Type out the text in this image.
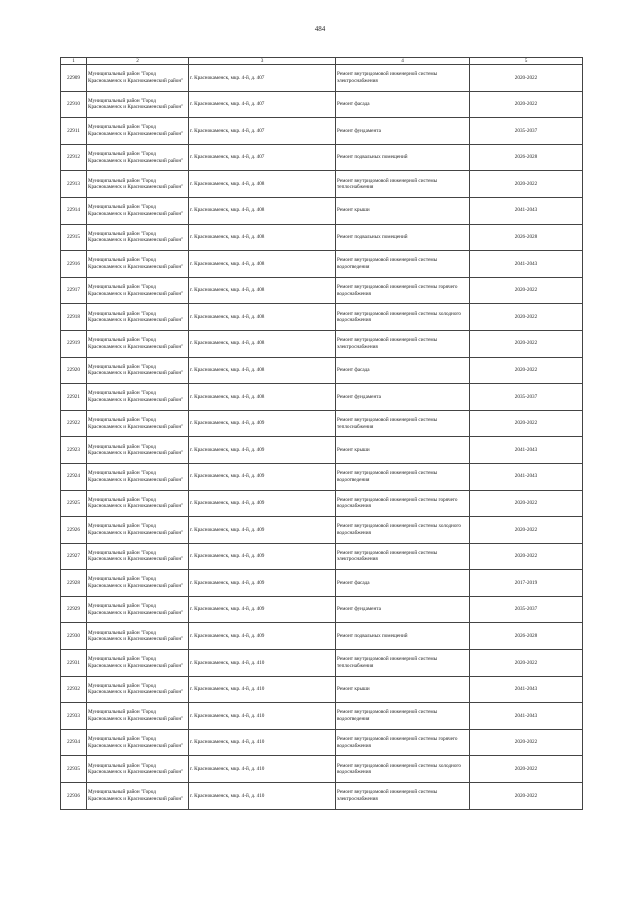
484
1	2	3	4	5
22909	Муниципальный район "Город Краснокаменск и Краснокаменский район"	г. Краснокаменск, мкр. 4-й, д. 407	Ремонт внутридомовой инженерной системы электроснабжения	2020-2022
22910	Муниципальный район "Город Краснокаменск и Краснокаменский район"	г. Краснокаменск, мкр. 4-й, д. 407	Ремонт фасада	2020-2022
22911	Муниципальный район "Город Краснокаменск и Краснокаменский район"	г. Краснокаменск, мкр. 4-й, д. 407	Ремонт фундамента	2035-2037
22912	Муниципальный район "Город Краснокаменск и Краснокаменский район"	г. Краснокаменск, мкр. 4-й, д. 407	Ремонт подвальных помещений	2026-2028
22913	Муниципальный район "Город Краснокаменск и Краснокаменский район"	г. Краснокаменск, мкр. 4-й, д. 408	Ремонт внутридомовой инженерной системы теплоснабжения	2020-2022
22914	Муниципальный район "Город Краснокаменск и Краснокаменский район"	г. Краснокаменск, мкр. 4-й, д. 408	Ремонт крыши	2041-2043
22915	Муниципальный район "Город Краснокаменск и Краснокаменский район"	г. Краснокаменск, мкр. 4-й, д. 408	Ремонт подвальных помещений	2026-2028
22916	Муниципальный район "Город Краснокаменск и Краснокаменский район"	г. Краснокаменск, мкр. 4-й, д. 408	Ремонт внутридомовой инженерной системы водоотведения	2041-2043
22917	Муниципальный район "Город Краснокаменск и Краснокаменский район"	г. Краснокаменск, мкр. 4-й, д. 408	Ремонт внутридомовой инженерной системы горячего водоснабжения	2020-2022
22918	Муниципальный район "Город Краснокаменск и Краснокаменский район"	г. Краснокаменск, мкр. 4-й, д. 408	Ремонт внутридомовой инженерной системы холодного водоснабжения	2020-2022
22919	Муниципальный район "Город Краснокаменск и Краснокаменский район"	г. Краснокаменск, мкр. 4-й, д. 408	Ремонт внутридомовой инженерной системы электроснабжения	2020-2022
22920	Муниципальный район "Город Краснокаменск и Краснокаменский район"	г. Краснокаменск, мкр. 4-й, д. 408	Ремонт фасада	2020-2022
22921	Муниципальный район "Город Краснокаменск и Краснокаменский район"	г. Краснокаменск, мкр. 4-й, д. 408	Ремонт фундамента	2035-2037
22922	Муниципальный район "Город Краснокаменск и Краснокаменский район"	г. Краснокаменск, мкр. 4-й, д. 409	Ремонт внутридомовой инженерной системы теплоснабжения	2020-2022
22923	Муниципальный район "Город Краснокаменск и Краснокаменский район"	г. Краснокаменск, мкр. 4-й, д. 409	Ремонт крыши	2041-2043
22924	Муниципальный район "Город Краснокаменск и Краснокаменский район"	г. Краснокаменск, мкр. 4-й, д. 409	Ремонт внутридомовой инженерной системы водоотведения	2041-2043
22925	Муниципальный район "Город Краснокаменск и Краснокаменский район"	г. Краснокаменск, мкр. 4-й, д. 409	Ремонт внутридомовой инженерной системы горячего водоснабжения	2020-2022
22926	Муниципальный район "Город Краснокаменск и Краснокаменский район"	г. Краснокаменск, мкр. 4-й, д. 409	Ремонт внутридомовой инженерной системы холодного водоснабжения	2020-2022
22927	Муниципальный район "Город Краснокаменск и Краснокаменский район"	г. Краснокаменск, мкр. 4-й, д. 409	Ремонт внутридомовой инженерной системы электроснабжения	2020-2022
22928	Муниципальный район "Город Краснокаменск и Краснокаменский район"	г. Краснокаменск, мкр. 4-й, д. 409	Ремонт фасада	2017-2019
22929	Муниципальный район "Город Краснокаменск и Краснокаменский район"	г. Краснокаменск, мкр. 4-й, д. 409	Ремонт фундамента	2035-2037
22930	Муниципальный район "Город Краснокаменск и Краснокаменский район"	г. Краснокаменск, мкр. 4-й, д. 409	Ремонт подвальных помещений	2026-2028
22931	Муниципальный район "Город Краснокаменск и Краснокаменский район"	г. Краснокаменск, мкр. 4-й, д. 410	Ремонт внутридомовой инженерной системы теплоснабжения	2020-2022
22932	Муниципальный район "Город Краснокаменск и Краснокаменский район"	г. Краснокаменск, мкр. 4-й, д. 410	Ремонт крыши	2041-2043
22933	Муниципальный район "Город Краснокаменск и Краснокаменский район"	г. Краснокаменск, мкр. 4-й, д. 410	Ремонт внутридомовой инженерной системы водоотведения	2041-2043
22934	Муниципальный район "Город Краснокаменск и Краснокаменский район"	г. Краснокаменск, мкр. 4-й, д. 410	Ремонт внутридомовой инженерной системы горячего водоснабжения	2020-2022
22935	Муниципальный район "Город Краснокаменск и Краснокаменский район"	г. Краснокаменск, мкр. 4-й, д. 410	Ремонт внутридомовой инженерной системы холодного водоснабжения	2020-2022
22936	Муниципальный район "Город Краснокаменск и Краснокаменский район"	г. Краснокаменск, мкр. 4-й, д. 410	Ремонт внутридомовой инженерной системы электроснабжения	2020-2022
